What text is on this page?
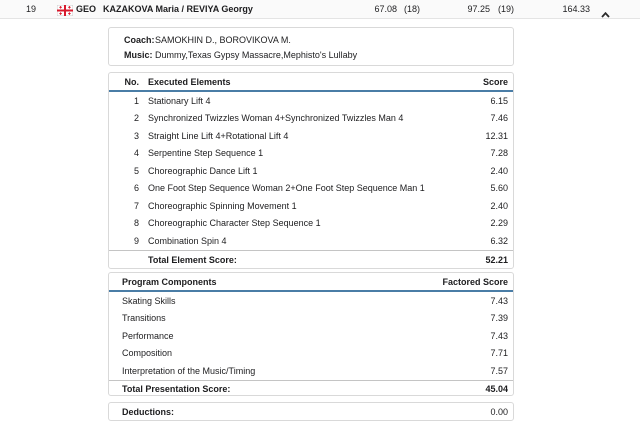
19	GEO KAZAKOVA Maria / REVIYA Georgy	67.08 (18)	97.25 (19)	164.33
Coach: SAMOKHIN D., BOROVIKOVA M.
Music: Dummy,Texas Gypsy Massacre,Mephisto's Lullaby
No.	Executed Elements	Score
1	Stationary Lift 4	6.15
2	Synchronized Twizzles Woman 4+Synchronized Twizzles Man 4	7.46
3	Straight Line Lift 4+Rotational Lift 4	12.31
4	Serpentine Step Sequence 1	7.28
5	Choreographic Dance Lift 1	2.40
6	One Foot Step Sequence Woman 2+One Foot Step Sequence Man 1	5.60
7	Choreographic Spinning Movement 1	2.40
8	Choreographic Character Step Sequence 1	2.29
9	Combination Spin 4	6.32
Total Element Score:	52.21
Program Components	Factored Score
Skating Skills	7.43
Transitions	7.39
Performance	7.43
Composition	7.71
Interpretation of the Music/Timing	7.57
Total Presentation Score:	45.04
Deductions:	0.00
